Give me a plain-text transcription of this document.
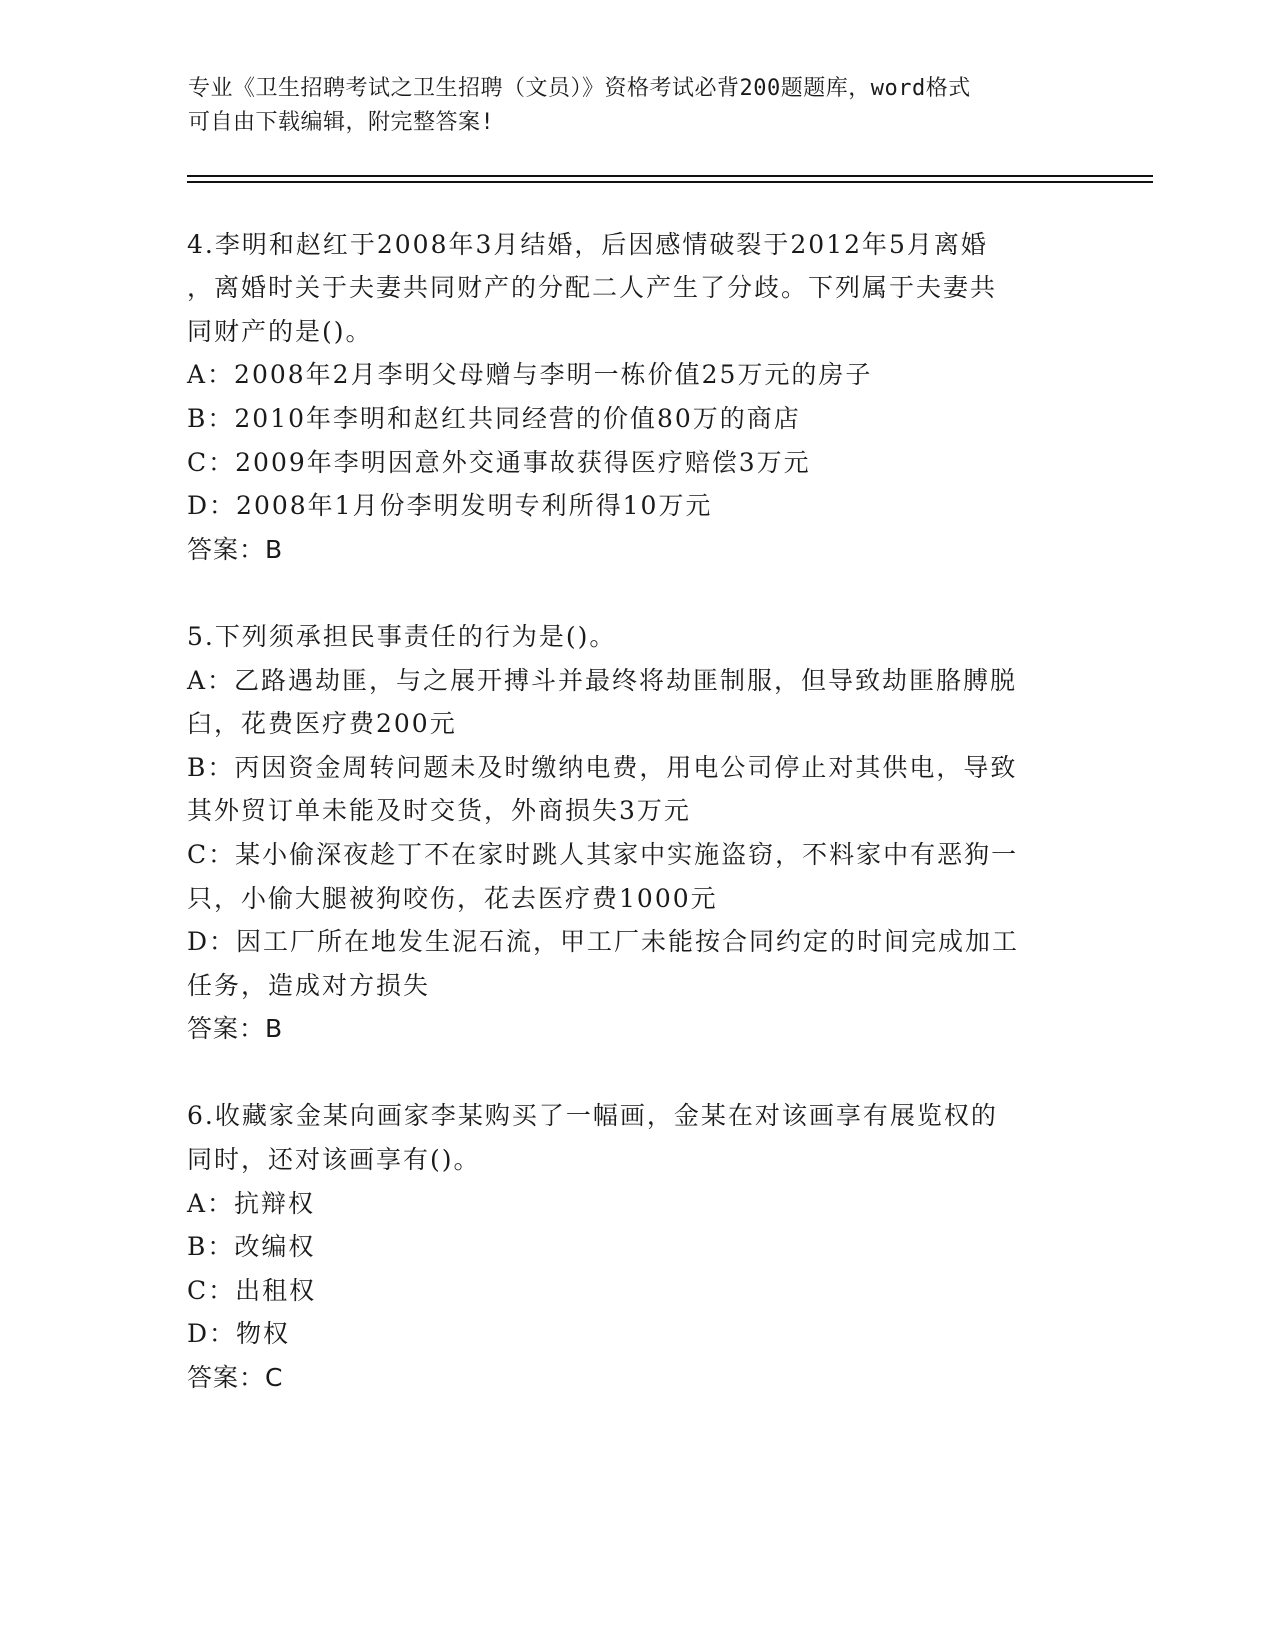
专业《卫生招聘考试之卫生招聘（文员）》资格考试必背200题题库，word格式
可自由下载编辑，附完整答案!
4.李明和赵红于2008年3月结婚，后因感情破裂于2012年5月离婚
，离婚时关于夫妻共同财产的分配二人产生了分歧。下列属于夫妻共
同财产的是()。
A：2008年2月李明父母赠与李明一栋价值25万元的房子
B：2010年李明和赵红共同经营的价值80万的商店
C：2009年李明因意外交通事故获得医疗赔偿3万元
D：2008年1月份李明发明专利所得10万元
答案：B
5.下列须承担民事责任的行为是()。
A：乙路遇劫匪，与之展开搏斗并最终将劫匪制服，但导致劫匪胳膊脱
臼，花费医疗费200元
B：丙因资金周转问题未及时缴纳电费，用电公司停止对其供电，导致
其外贸订单未能及时交货，外商损失3万元
C：某小偷深夜趁丁不在家时跳人其家中实施盗窃，不料家中有恶狗一
只，小偷大腿被狗咬伤，花去医疗费1000元
D：因工厂所在地发生泥石流，甲工厂未能按合同约定的时间完成加工
任务，造成对方损失
答案：B
6.收藏家金某向画家李某购买了一幅画，金某在对该画享有展览权的
同时，还对该画享有()。
A：抗辩权
B：改编权
C：出租权
D：物权
答案：C
